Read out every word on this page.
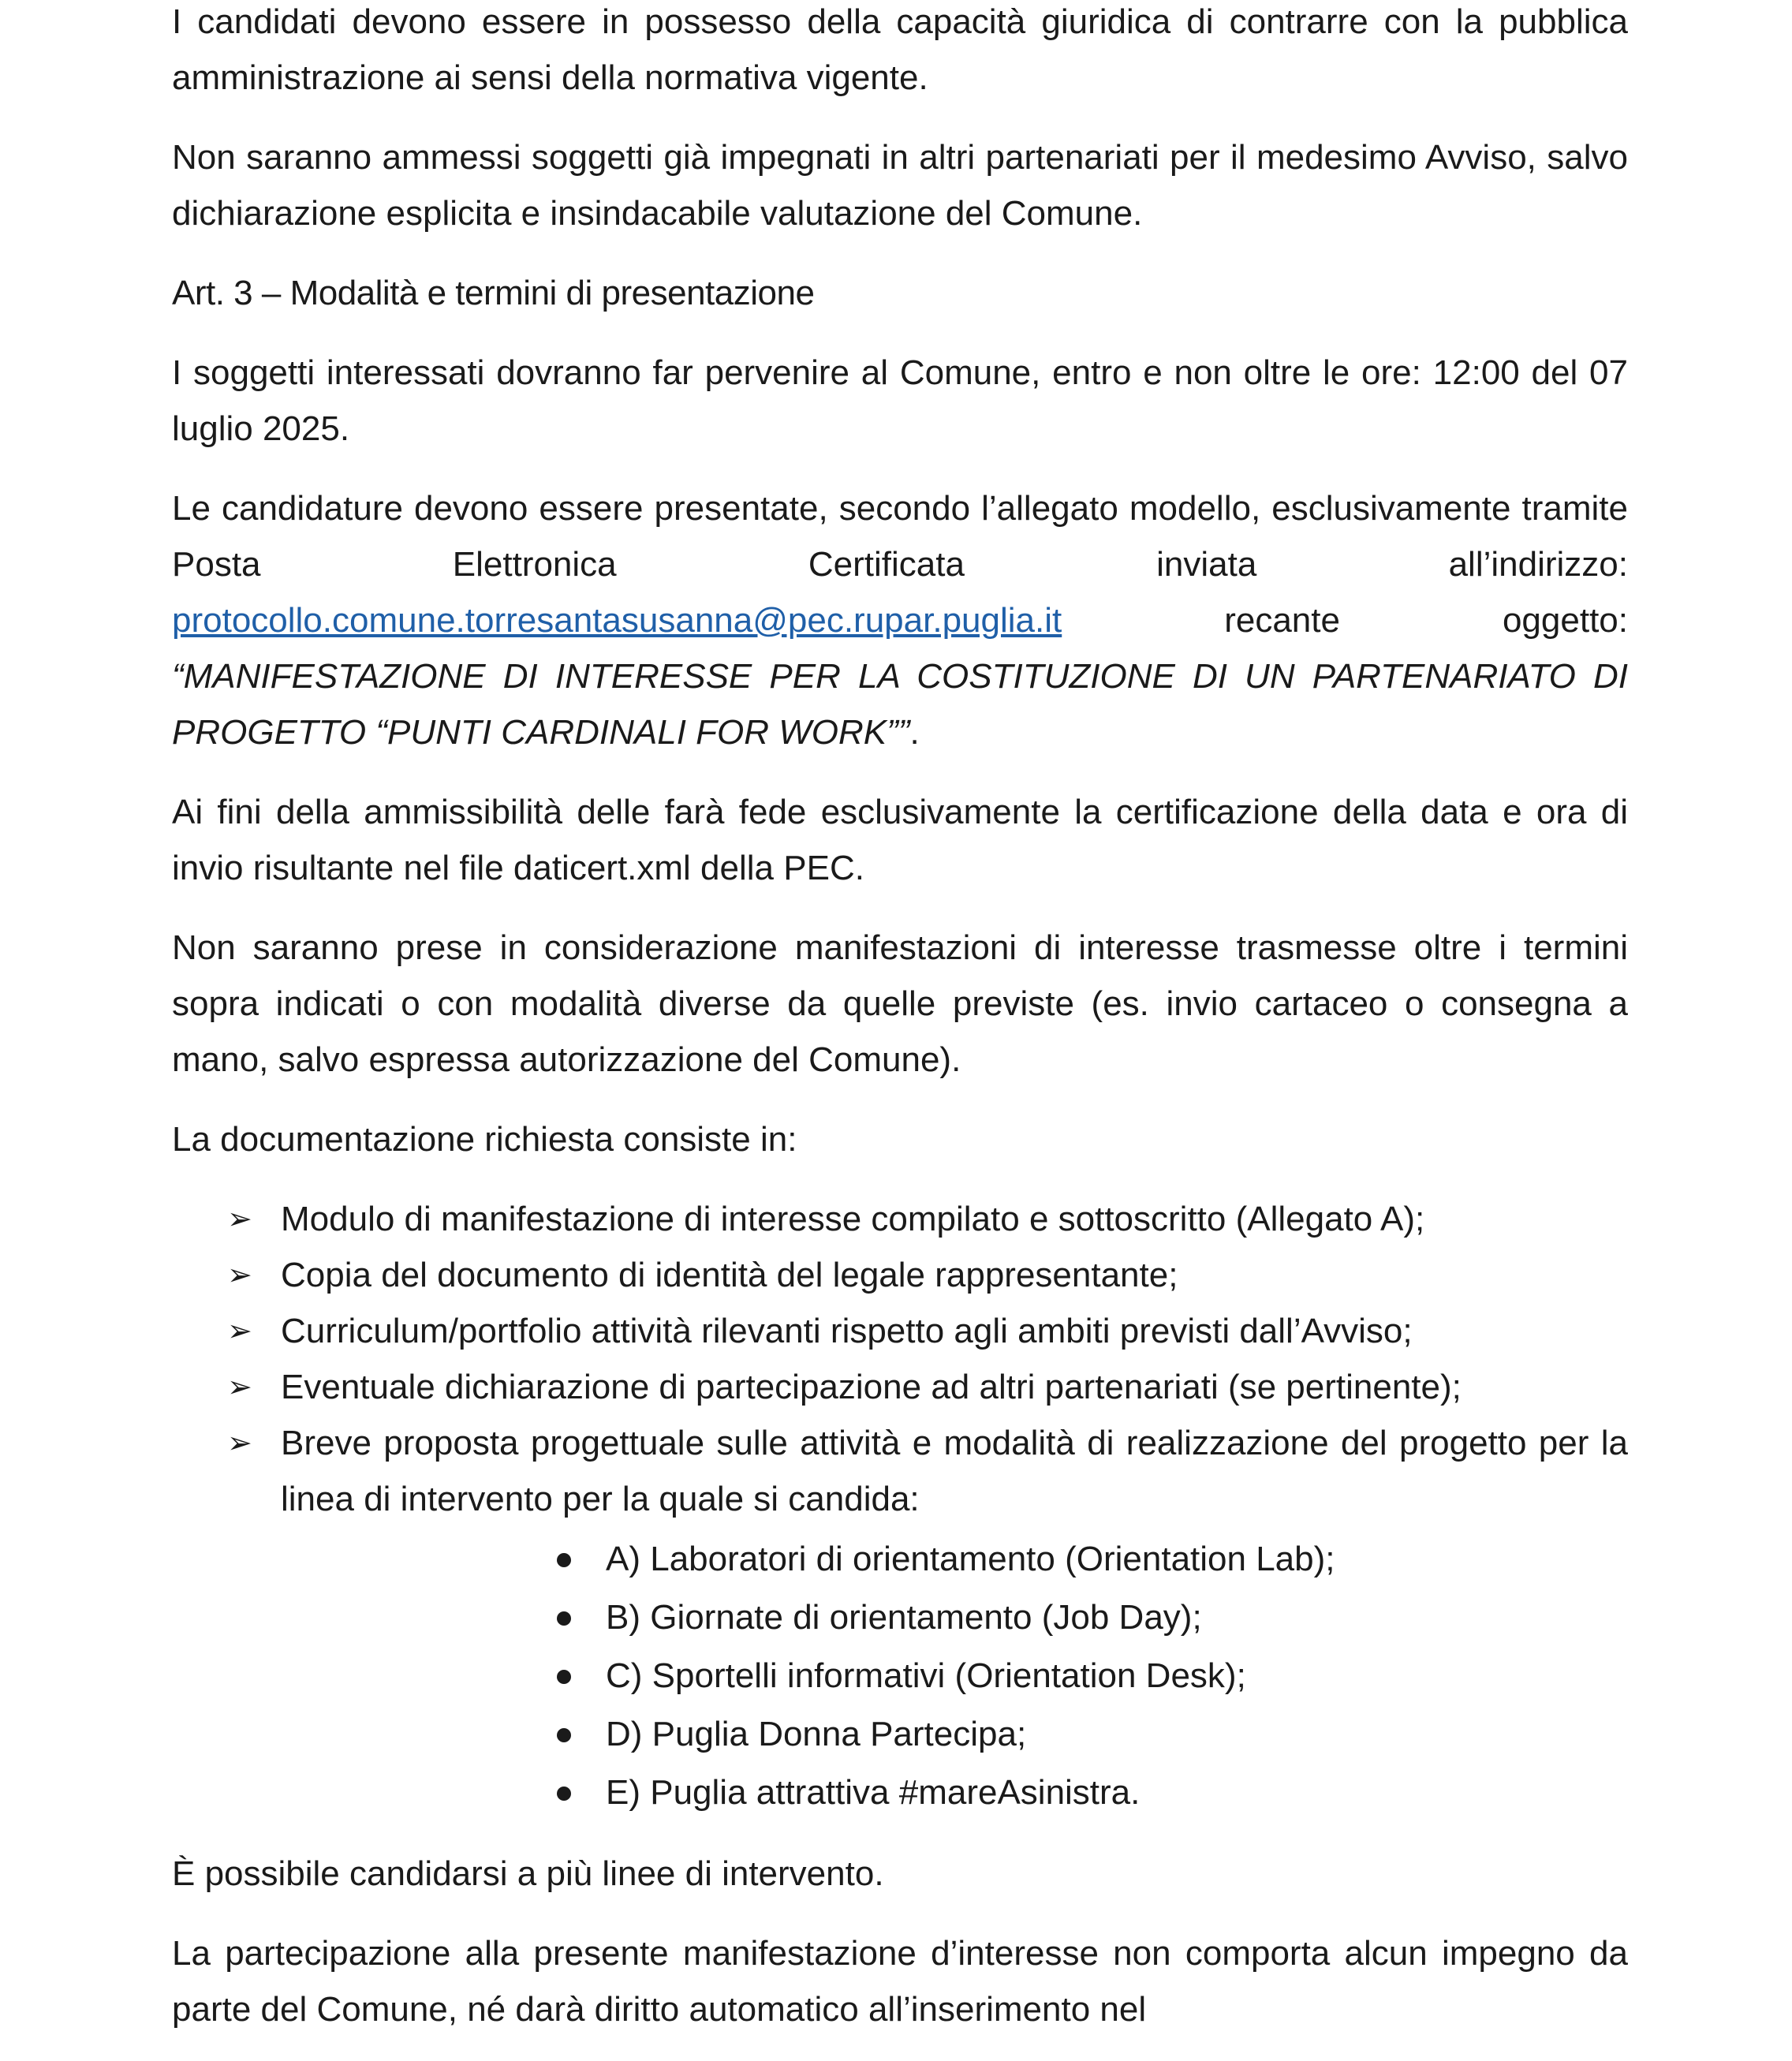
I candidati devono essere in possesso della capacità giuridica di contrarre con la pubblica amministrazione ai sensi della normativa vigente.

Non saranno ammessi soggetti già impegnati in altri partenariati per il medesimo Avviso, salvo dichiarazione esplicita e insindacabile valutazione del Comune.

Art. 3 – Modalità e termini di presentazione

I soggetti interessati dovranno far pervenire al Comune, entro e non oltre le ore: 12:00 del 07 luglio 2025.

Le candidature devono essere presentate, secondo l’allegato modello, esclusivamente tramite Posta Elettronica Certificata inviata all’indirizzo: protocollo.comune.torresantasusanna@pec.rupar.puglia.it recante oggetto: “MANIFESTAZIONE DI INTERESSE PER LA COSTITUZIONE DI UN PARTENARIATO DI PROGETTO “PUNTI CARDINALI FOR WORK””.

Ai fini della ammissibilità delle farà fede esclusivamente la certificazione della data e ora di invio risultante nel file daticert.xml della PEC.

Non saranno prese in considerazione manifestazioni di interesse trasmesse oltre i termini sopra indicati o con modalità diverse da quelle previste (es. invio cartaceo o consegna a mano, salvo espressa autorizzazione del Comune).

La documentazione richiesta consiste in:

➢ Modulo di manifestazione di interesse compilato e sottoscritto (Allegato A);
➢ Copia del documento di identità del legale rappresentante;
➢ Curriculum/portfolio attività rilevanti rispetto agli ambiti previsti dall’Avviso;
➢ Eventuale dichiarazione di partecipazione ad altri partenariati (se pertinente);
➢ Breve proposta progettuale sulle attività e modalità di realizzazione del progetto per la linea di intervento per la quale si candida:
A) Laboratori di orientamento (Orientation Lab);
B) Giornate di orientamento (Job Day);
C) Sportelli informativi (Orientation Desk);
D) Puglia Donna Partecipa;
E) Puglia attrattiva #mareAsinistra.

È possibile candidarsi a più linee di intervento.

La partecipazione alla presente manifestazione d’interesse non comporta alcun impegno da parte del Comune, né darà diritto automatico all’inserimento nel
